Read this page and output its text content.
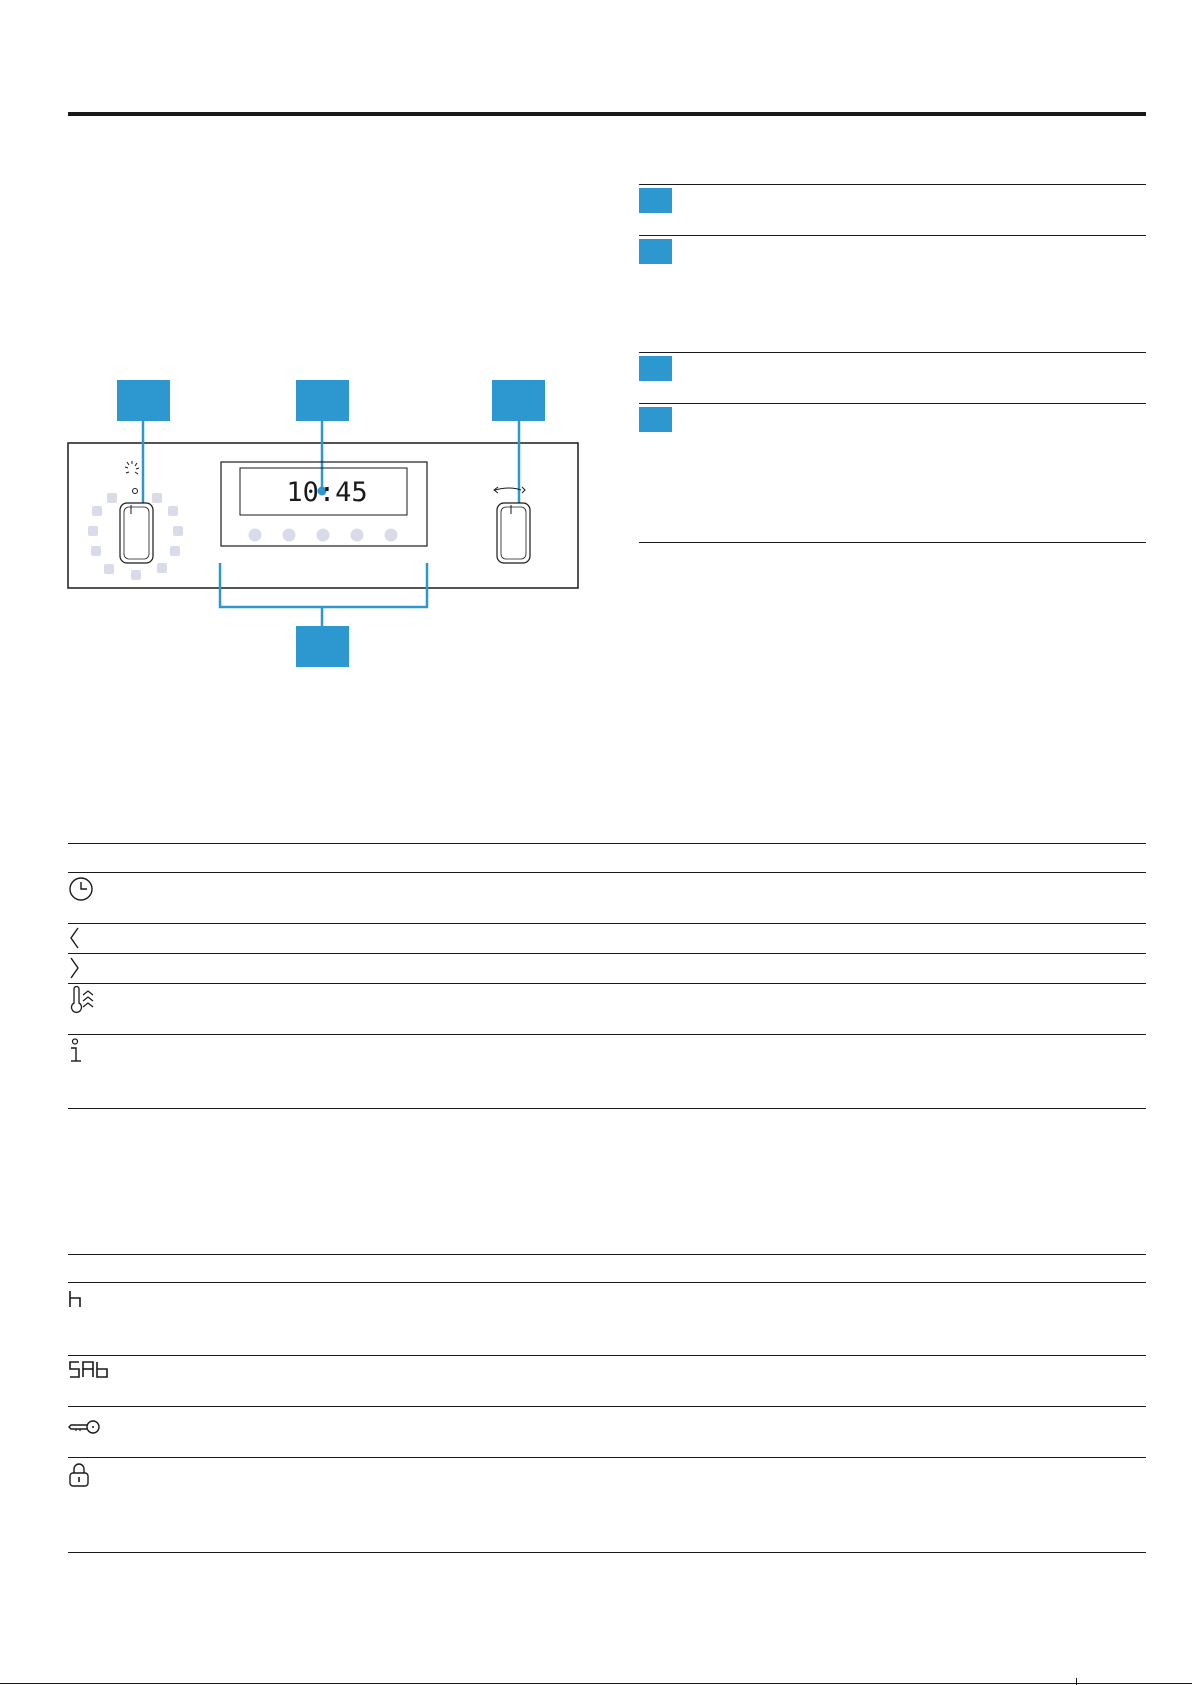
10:45
